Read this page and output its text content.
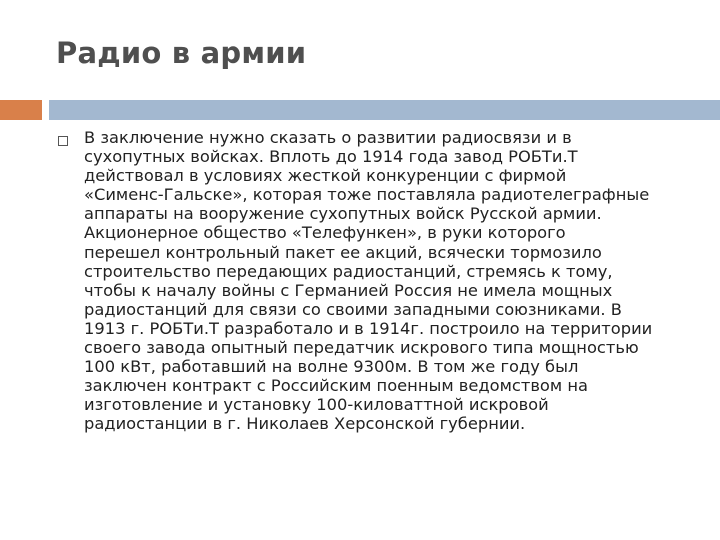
Радио в армии

В заключение нужно сказать о развитии радиосвязи и в
сухопутных войсках. Вплоть до 1914 года завод РОБТи.Т
действовал в условиях жесткой конкуренции с фирмой
«Сименс-Гальске», которая тоже поставляла радиотелеграфные
аппараты на вооружение сухопутных войск Русской армии.
Акционерное общество «Телефункен», в руки которого
перешел контрольный пакет ее акций, всячески тормозило
строительство передающих радиостанций, стремясь к тому,
чтобы к началу войны с Германией Россия не имела мощных
радиостанций для связи со своими западными союзниками. В
1913 г. РОБТи.Т разработало и в 1914г. построило на территории
своего завода опытный передатчик искрового типа мощностью
100 кВт, работавший на волне 9300м. В том же году был
заключен контракт с Российским поенным ведомством на
изготовление и установку 100-киловаттной искровой
радиостанции в г. Николаев Херсонской губернии.
